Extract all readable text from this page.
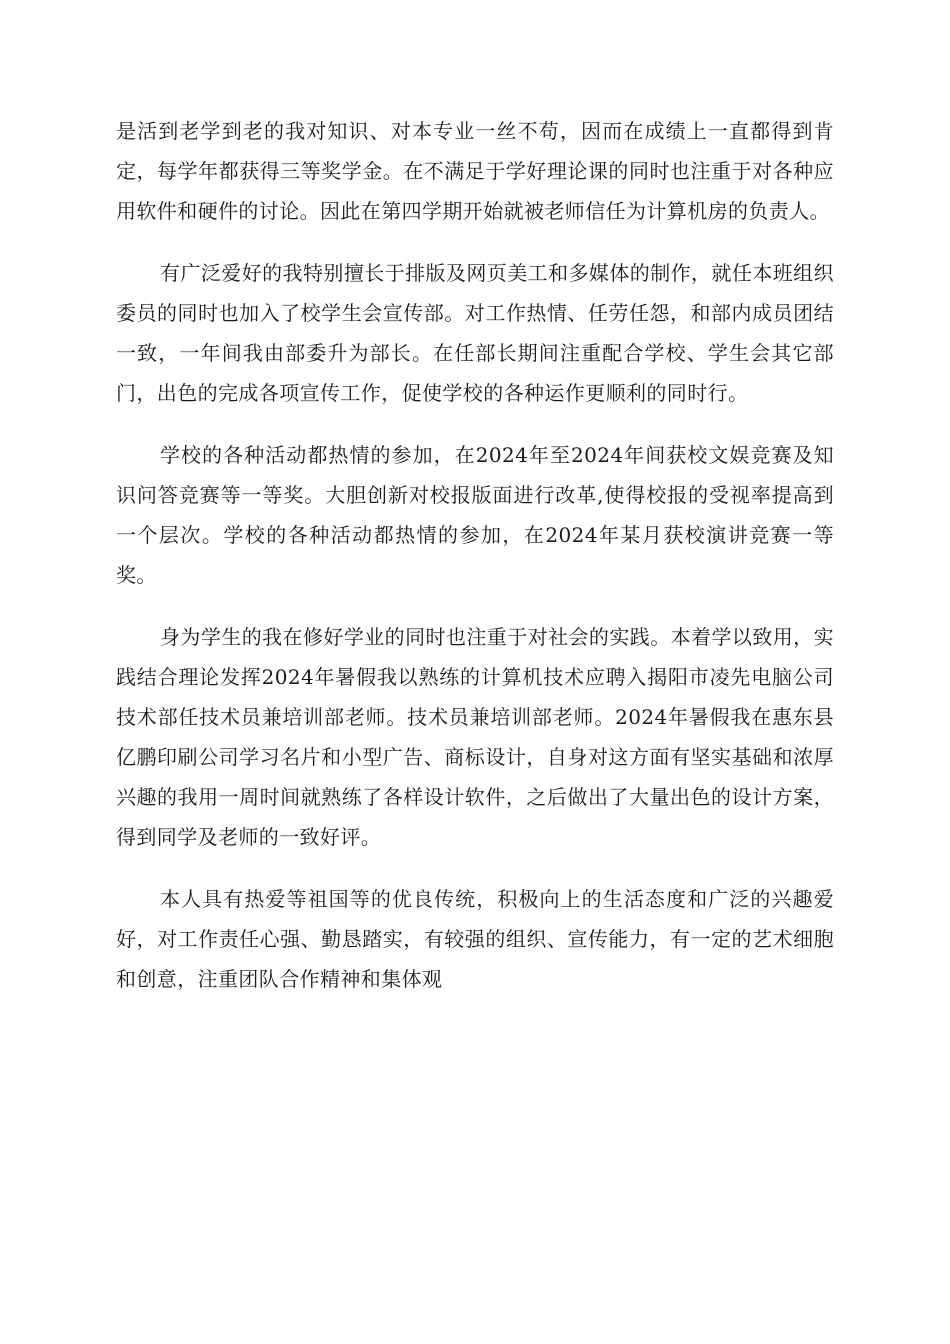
是活到老学到老的我对知识、对本专业一丝不苟，因而在成绩上一直都得到肯定，每学年都获得三等奖学金。在不满足于学好理论课的同时也注重于对各种应用软件和硬件的讨论。因此在第四学期开始就被老师信任为计算机房的负责人。

有广泛爱好的我特别擅长于排版及网页美工和多媒体的制作，就任本班组织委员的同时也加入了校学生会宣传部。对工作热情、任劳任怨，和部内成员团结一致，一年间我由部委升为部长。在任部长期间注重配合学校、学生会其它部门，出色的完成各项宣传工作，促使学校的各种运作更顺利的同时行。

学校的各种活动都热情的参加，在2024年至2024年间获校文娱竞赛及知识问答竞赛等一等奖。大胆创新对校报版面进行改革,使得校报的受视率提高到一个层次。学校的各种活动都热情的参加，在2024年某月获校演讲竞赛一等奖。

身为学生的我在修好学业的同时也注重于对社会的实践。本着学以致用，实践结合理论发挥2024年暑假我以熟练的计算机技术应聘入揭阳市凌先电脑公司技术部任技术员兼培训部老师。技术员兼培训部老师。2024年暑假我在惠东县亿鹏印刷公司学习名片和小型广告、商标设计，自身对这方面有坚实基础和浓厚兴趣的我用一周时间就熟练了各样设计软件，之后做出了大量出色的设计方案，得到同学及老师的一致好评。

本人具有热爱等祖国等的优良传统，积极向上的生活态度和广泛的兴趣爱好，对工作责任心强、勤恳踏实，有较强的组织、宣传能力，有一定的艺术细胞和创意，注重团队合作精神和集体观
